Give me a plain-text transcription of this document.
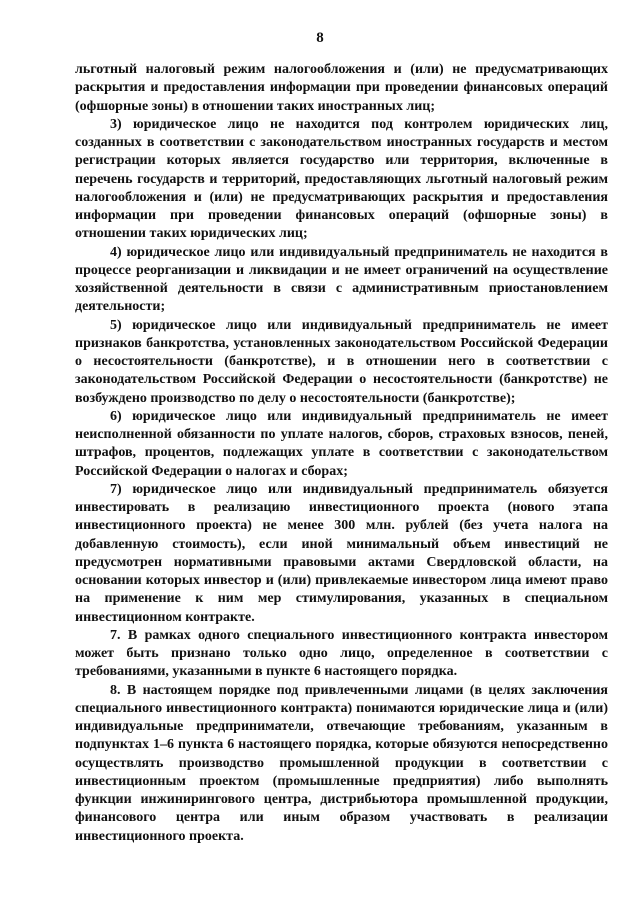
8

льготный налоговый режим налогообложения и (или) не предусматривающих раскрытия и предоставления информации при проведении финансовых операций (офшорные зоны) в отношении таких иностранных лиц;

3) юридическое лицо не находится под контролем юридических лиц, созданных в соответствии с законодательством иностранных государств и местом регистрации которых является государство или территория, включенные в перечень государств и территорий, предоставляющих льготный налоговый режим налогообложения и (или) не предусматривающих раскрытия и предоставления информации при проведении финансовых операций (офшорные зоны) в отношении таких юридических лиц;

4) юридическое лицо или индивидуальный предприниматель не находится в процессе реорганизации и ликвидации и не имеет ограничений на осуществление хозяйственной деятельности в связи с административным приостановлением деятельности;

5) юридическое лицо или индивидуальный предприниматель не имеет признаков банкротства, установленных законодательством Российской Федерации о несостоятельности (банкротстве), и в отношении него в соответствии с законодательством Российской Федерации о несостоятельности (банкротстве) не возбуждено производство по делу о несостоятельности (банкротстве);

6) юридическое лицо или индивидуальный предприниматель не имеет неисполненной обязанности по уплате налогов, сборов, страховых взносов, пеней, штрафов, процентов, подлежащих уплате в соответствии с законодательством Российской Федерации о налогах и сборах;

7) юридическое лицо или индивидуальный предприниматель обязуется инвестировать в реализацию инвестиционного проекта (нового этапа инвестиционного проекта) не менее 300 млн. рублей (без учета налога на добавленную стоимость), если иной минимальный объем инвестиций не предусмотрен нормативными правовыми актами Свердловской области, на основании которых инвестор и (или) привлекаемые инвестором лица имеют право на применение к ним мер стимулирования, указанных в специальном инвестиционном контракте.

7. В рамках одного специального инвестиционного контракта инвестором может быть признано только одно лицо, определенное в соответствии с требованиями, указанными в пункте 6 настоящего порядка.

8. В настоящем порядке под привлеченными лицами (в целях заключения специального инвестиционного контракта) понимаются юридические лица и (или) индивидуальные предприниматели, отвечающие требованиям, указанным в подпунктах 1–6 пункта 6 настоящего порядка, которые обязуются непосредственно осуществлять производство промышленной продукции в соответствии с инвестиционным проектом (промышленные предприятия) либо выполнять функции инжинирингового центра, дистрибьютора промышленной продукции, финансового центра или иным образом участвовать в реализации инвестиционного проекта.
